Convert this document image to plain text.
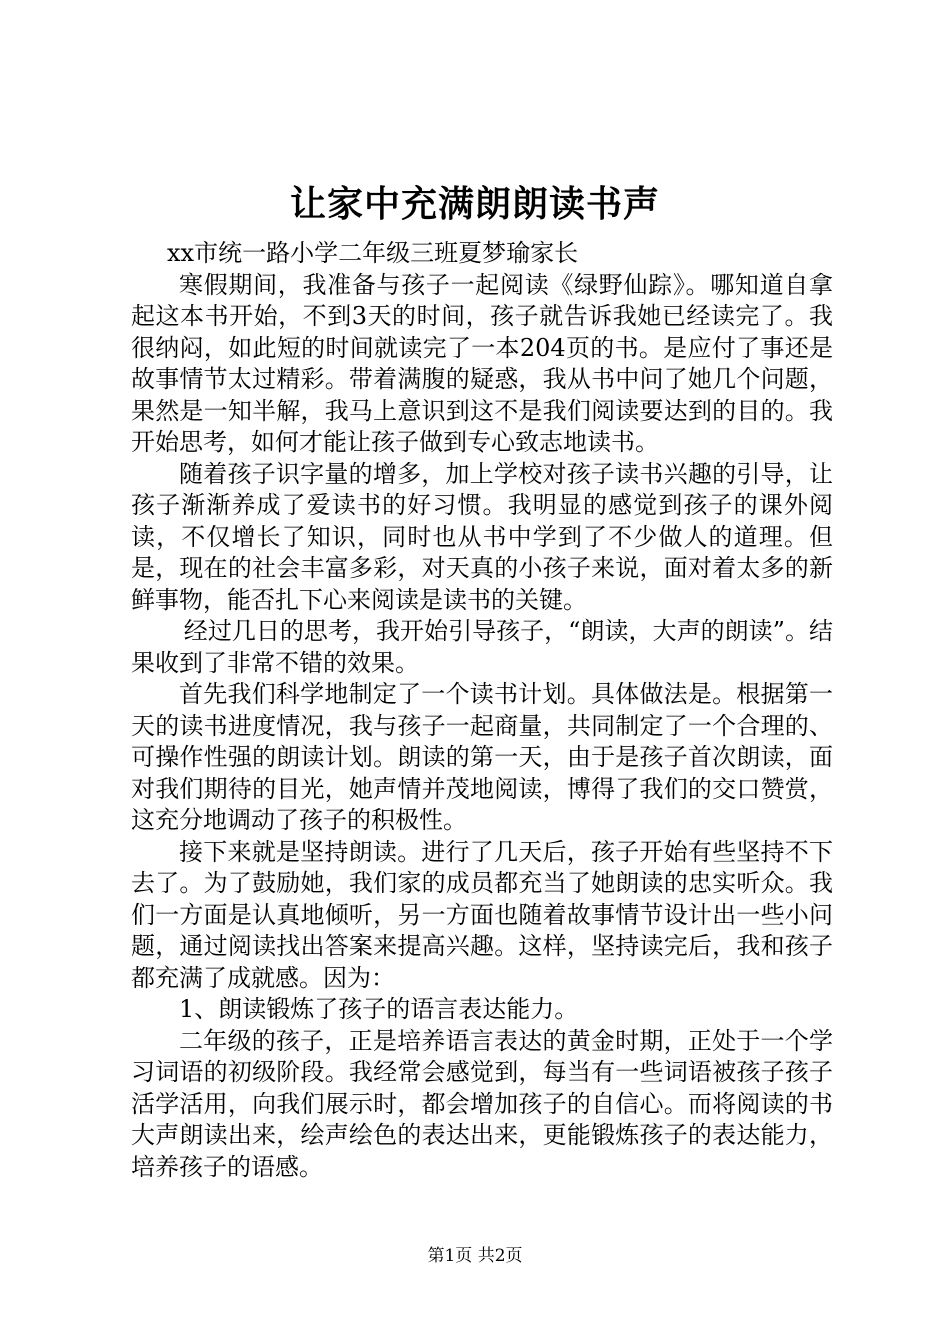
让家中充满朗朗读书声

xx市统一路小学二年级三班夏梦瑜家长

寒假期间，我准备与孩子一起阅读《绿野仙踪》。哪知道自拿起这本书开始，不到3天的时间，孩子就告诉我她已经读完了。我很纳闷，如此短的时间就读完了一本204页的书。是应付了事还是故事情节太过精彩。带着满腹的疑惑，我从书中问了她几个问题，果然是一知半解，我马上意识到这不是我们阅读要达到的目的。我开始思考，如何才能让孩子做到专心致志地读书。

随着孩子识字量的增多，加上学校对孩子读书兴趣的引导，让孩子渐渐养成了爱读书的好习惯。我明显的感觉到孩子的课外阅读，不仅增长了知识，同时也从书中学到了不少做人的道理。但是，现在的社会丰富多彩，对天真的小孩子来说，面对着太多的新鲜事物，能否扎下心来阅读是读书的关键。

经过几日的思考，我开始引导孩子，“朗读，大声的朗读”。结果收到了非常不错的效果。

首先我们科学地制定了一个读书计划。具体做法是。根据第一天的读书进度情况，我与孩子一起商量，共同制定了一个合理的、可操作性强的朗读计划。朗读的第一天，由于是孩子首次朗读，面对我们期待的目光，她声情并茂地阅读，博得了我们的交口赞赏，这充分地调动了孩子的积极性。

接下来就是坚持朗读。进行了几天后，孩子开始有些坚持不下去了。为了鼓励她，我们家的成员都充当了她朗读的忠实听众。我们一方面是认真地倾听，另一方面也随着故事情节设计出一些小问题，通过阅读找出答案来提高兴趣。这样，坚持读完后，我和孩子都充满了成就感。因为：

1、朗读锻炼了孩子的语言表达能力。

二年级的孩子，正是培养语言表达的黄金时期，正处于一个学习词语的初级阶段。我经常会感觉到，每当有一些词语被孩子孩子活学活用，向我们展示时，都会增加孩子的自信心。而将阅读的书大声朗读出来，绘声绘色的表达出来，更能锻炼孩子的表达能力，培养孩子的语感。

第1页 共2页
